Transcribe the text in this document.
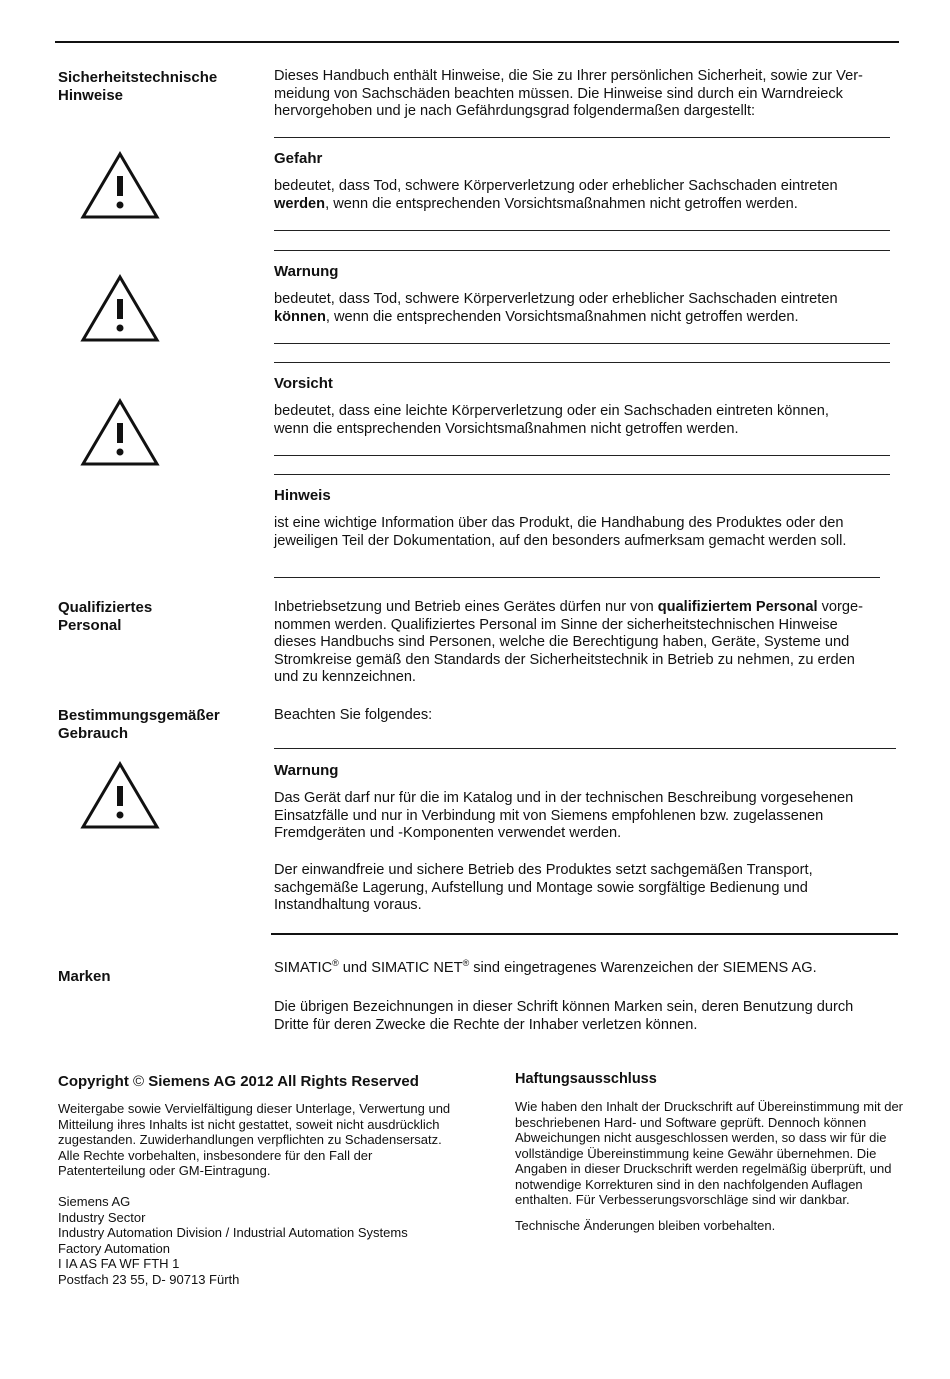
Sicherheitstechnische
Hinweise
Dieses Handbuch enthält Hinweise, die Sie zu Ihrer persönlichen Sicherheit, sowie zur Ver-
meidung von Sachschäden beachten müssen. Die Hinweise sind durch ein Warndreieck
hervorgehoben und je nach Gefährdungsgrad folgendermaßen dargestellt:
Gefahr
bedeutet, dass Tod, schwere Körperverletzung oder erheblicher Sachschaden eintreten
werden, wenn die entsprechenden Vorsichtsmaßnahmen nicht getroffen werden.
Warnung
bedeutet, dass Tod, schwere Körperverletzung oder erheblicher Sachschaden eintreten
können, wenn die entsprechenden Vorsichtsmaßnahmen nicht getroffen werden.
Vorsicht
bedeutet, dass eine leichte Körperverletzung oder ein Sachschaden eintreten können,
wenn die entsprechenden Vorsichtsmaßnahmen nicht getroffen werden.
Hinweis
ist eine wichtige Information über das Produkt, die Handhabung des Produktes oder den
jeweiligen Teil der Dokumentation, auf den besonders aufmerksam gemacht werden soll.
Qualifiziertes
Personal
Inbetriebsetzung und Betrieb eines Gerätes dürfen nur von qualifiziertem Personal vorge-
nommen werden. Qualifiziertes Personal im Sinne der sicherheitstechnischen Hinweise
dieses Handbuchs sind Personen, welche die Berechtigung haben, Geräte, Systeme und
Stromkreise gemäß den Standards der Sicherheitstechnik in Betrieb zu nehmen, zu erden
und zu kennzeichnen.
Bestimmungsgemäßer
Gebrauch
Beachten Sie folgendes:
Warnung
Das Gerät darf nur für die im Katalog und in der technischen Beschreibung vorgesehenen
Einsatzfälle und nur in Verbindung mit von Siemens empfohlenen bzw. zugelassenen
Fremdgeräten und -Komponenten verwendet werden.
Der einwandfreie und sichere Betrieb des Produktes setzt sachgemäßen Transport,
sachgemäße Lagerung, Aufstellung und Montage sowie sorgfältige Bedienung und
Instandhaltung voraus.
Marken	SIMATIC® und SIMATIC NET® sind eingetragenes Warenzeichen der SIEMENS AG.
Die übrigen Bezeichnungen in dieser Schrift können Marken sein, deren Benutzung durch
Dritte für deren Zwecke die Rechte der Inhaber verletzen können.
Copyright © Siemens AG 2012 All Rights Reserved
Weitergabe sowie Vervielfältigung dieser Unterlage, Verwertung und
Mitteilung ihres Inhalts ist nicht gestattet, soweit nicht ausdrücklich
zugestanden. Zuwiderhandlungen verpflichten zu Schadensersatz.
Alle Rechte vorbehalten, insbesondere für den Fall der
Patenterteilung oder GM-Eintragung.
Siemens AG
Industry Sector
Industry Automation Division / Industrial Automation Systems
Factory Automation
I IA AS FA WF FTH 1
Postfach 23 55, D- 90713 Fürth
Haftungsausschluss
Wie haben den Inhalt der Druckschrift auf Übereinstimmung mit der
beschriebenen Hard- und Software geprüft. Dennoch können
Abweichungen nicht ausgeschlossen werden, so dass wir für die
vollständige Übereinstimmung keine Gewähr übernehmen. Die
Angaben in dieser Druckschrift werden regelmäßig überprüft, und
notwendige Korrekturen sind in den nachfolgenden Auflagen
enthalten. Für Verbesserungsvorschläge sind wir dankbar.
Technische Änderungen bleiben vorbehalten.
